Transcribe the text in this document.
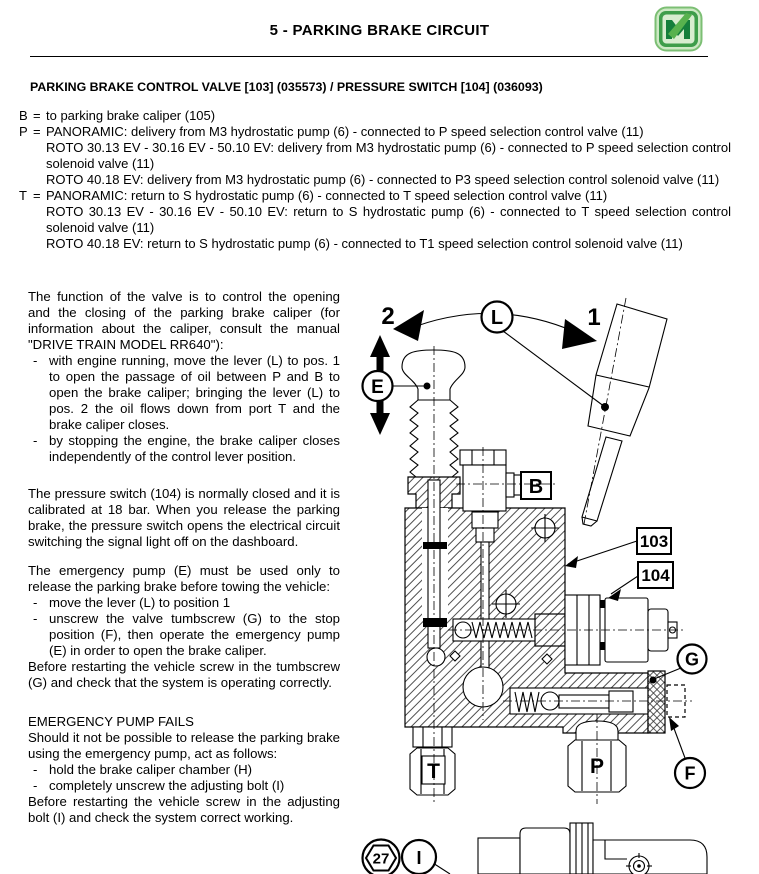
5 - PARKING BRAKE CIRCUIT
PARKING BRAKE CONTROL VALVE [103] (035573) / PRESSURE SWITCH [104] (036093)
B = to parking brake caliper (105)
P = PANORAMIC: delivery from M3 hydrostatic pump (6) - connected to P speed selection control valve (11)
ROTO 30.13 EV - 30.16 EV - 50.10 EV: delivery from M3 hydrostatic pump (6) - connected to P speed selection control solenoid valve (11)
ROTO 40.18 EV: delivery from M3 hydrostatic pump (6) - connected to P3 speed selection control solenoid valve (11)
T = PANORAMIC: return to S hydrostatic pump (6) - connected to T speed selection control valve (11)
ROTO 30.13 EV - 30.16 EV - 50.10 EV: return to S hydrostatic pump (6) - connected to T speed selection control solenoid valve (11)
ROTO 40.18 EV: return to S hydrostatic pump (6) - connected to T1 speed selection control solenoid valve (11)

The function of the valve is to control the opening and the closing of the parking brake caliper (for information about the caliper, consult the manual "DRIVE TRAIN MODEL RR640"):

- with engine running, move the lever (L) to pos. 1 to open the passage of oil between P and B to open the brake caliper; bringing the lever (L) to pos. 2 the oil flows down from port T and the brake caliper closes.
- by stopping the engine, the brake caliper closes independently of the control lever position.

The pressure switch (104) is normally closed and it is calibrated at 18 bar. When you release the parking brake, the pressure switch opens the electrical circuit switching the signal light off on the dashboard.

The emergency pump (E) must be used only to release the parking brake before towing the vehicle:

- move the lever (L) to position 1
- unscrew the valve tumbscrew (G) to the stop position (F), then operate the emergency pump (E) in order to open the brake caliper.

Before restarting the vehicle screw in the tumbscrew (G) and check that the system is operating correctly.

EMERGENCY PUMP FAILS

Should it not be possible to release the parking brake using the emergency pump, act as follows:

- hold the brake caliper chamber (H)
- completely unscrew the adjusting bolt (I)

Before restarting the vehicle screw in the adjusting bolt (I) and check the system correct working.

2	1
L
E
B
T	P
103
104
G
F
27 I
